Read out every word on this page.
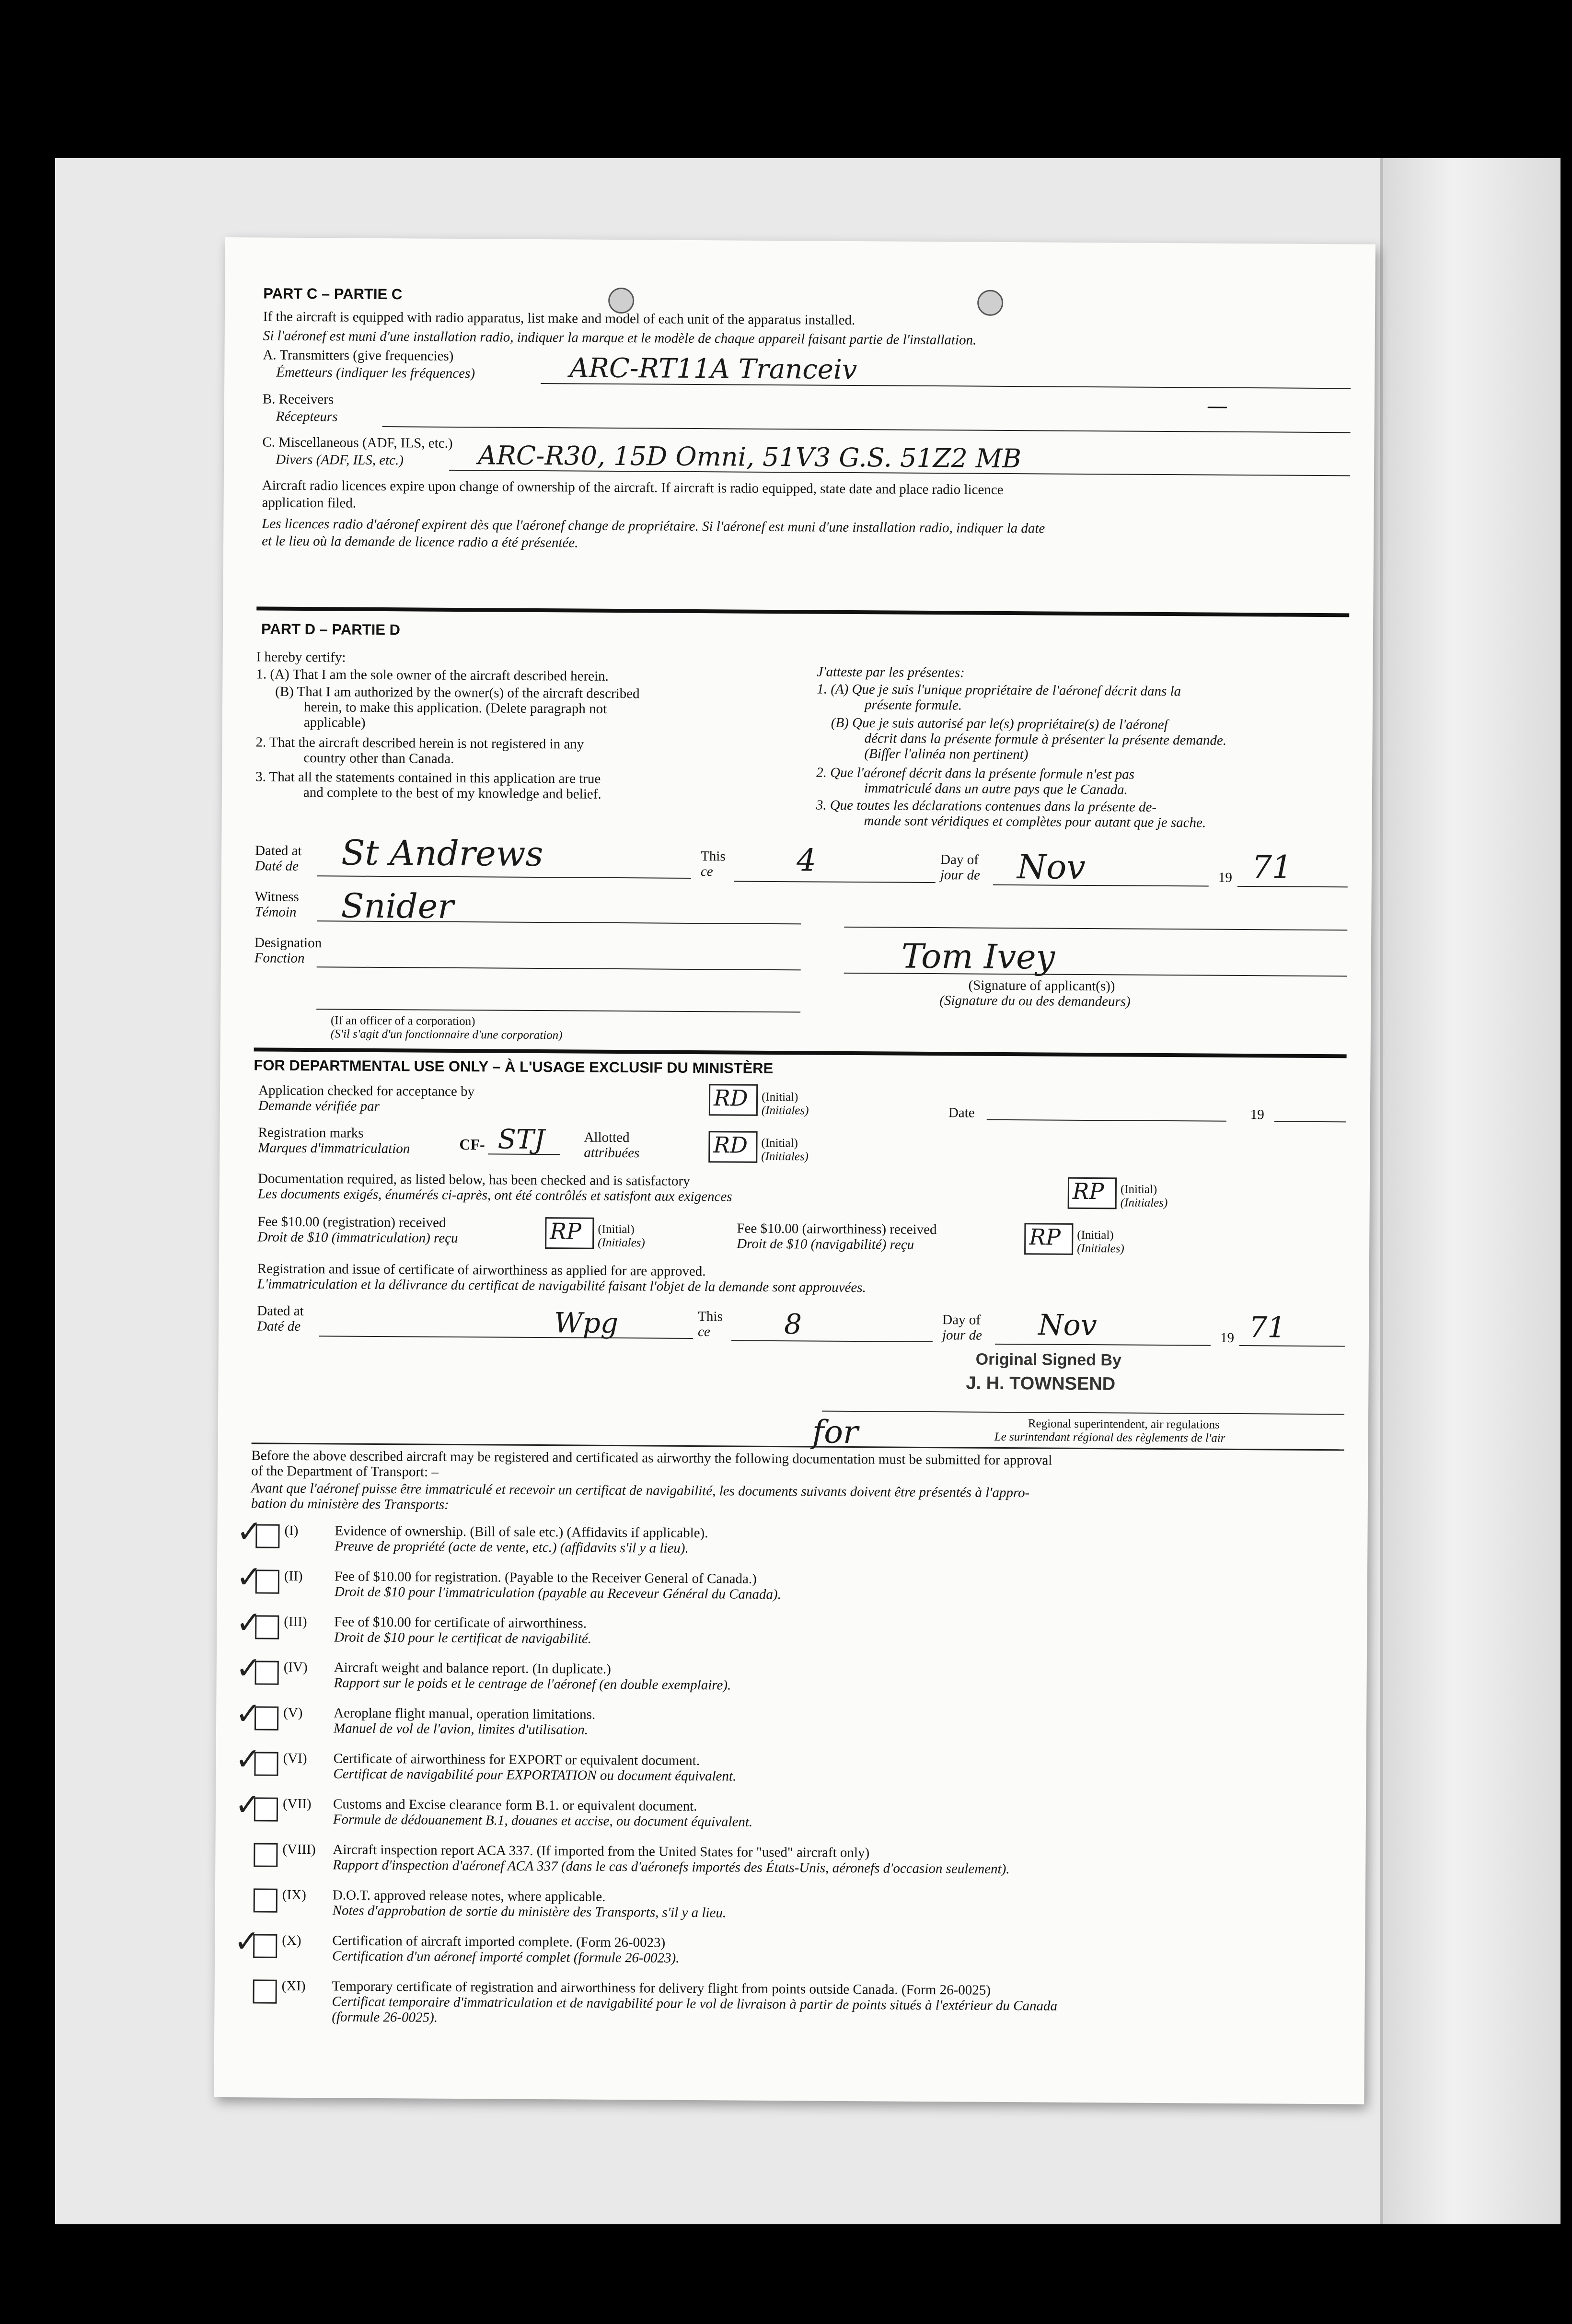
PART C – PARTIE C
If the aircraft is equipped with radio apparatus, list make and model of each unit of the apparatus installed.
Si l'aéronef est muni d'une installation radio, indiquer la marque et le modèle de chaque appareil faisant partie de l'installation.
A. Transmitters (give frequencies)
Émetteurs (indiquer les fréquences)	ARC-RT11A Tranceiv
B. Receivers
Récepteurs	—
C. Miscellaneous (ADF, ILS, etc.)
Divers (ADF, ILS, etc.)	ARC-R30, 15D Omni, 51V3 G.S. 51Z2 MB
Aircraft radio licences expire upon change of ownership of the aircraft. If aircraft is radio equipped, state date and place radio licence
application filed.
Les licences radio d'aéronef expirent dès que l'aéronef change de propriétaire. Si l'aéronef est muni d'une installation radio, indiquer la date
et le lieu où la demande de licence radio a été présentée.
PART D – PARTIE D
I hereby certify:
1. (A) That I am the sole owner of the aircraft described herein.
(B) That I am authorized by the owner(s) of the aircraft described
herein, to make this application. (Delete paragraph not
applicable)
2. That the aircraft described herein is not registered in any
country other than Canada.
3. That all the statements contained in this application are true
and complete to the best of my knowledge and belief.
J'atteste par les présentes:
1. (A) Que je suis l'unique propriétaire de l'aéronef décrit dans la
présente formule.
(B) Que je suis autorisé par le(s) propriétaire(s) de l'aéronef
décrit dans la présente formule à présenter la présente demande.
(Biffer l'alinéa non pertinent)
2. Que l'aéronef décrit dans la présente formule n'est pas
immatriculé dans un autre pays que le Canada.
3. Que toutes les déclarations contenues dans la présente de-
mande sont véridiques et complètes pour autant que je sache.
Dated at
Daté de St Andrews	This
ce	4	Day of
jour de Nov	19 71
Witness
Témoin Snider
Designation
Fonction	Tom Ivey
(Signature of applicant(s))
(Signature du ou des demandeurs)
(If an officer of a corporation)
(S'il s'agit d'un fonctionnaire d'une corporation)
FOR DEPARTMENTAL USE ONLY – À L'USAGE EXCLUSIF DU MINISTÈRE
Application checked for acceptance by
Demande vérifiée par	RD (Initial)
(Initiales)	Date	19
Registration marks
Marques d'immatriculation	CF- STJ	Allotted
attribuées	RD (Initial)
(Initiales)
Documentation required, as listed below, has been checked and is satisfactory
Les documents exigés, énumérés ci-après, ont été contrôlés et satisfont aux exigences	RP (Initial)
(Initiales)
Fee $10.00 (registration) received
Droit de $10 (immatriculation) reçu	RP (Initial)
(Initiales)
Fee $10.00 (airworthiness) received
Droit de $10 (navigabilité) reçu	RP (Initial)
(Initiales)
Registration and issue of certificate of airworthiness as applied for are approved.
L'immatriculation et la délivrance du certificat de navigabilité faisant l'objet de la demande sont approuvées.
Dated at
Daté de	Wpg	This
ce	8	Day of
jour de Nov	19 71
Original Signed By
J. H. TOWNSEND
for	Regional superintendent, air regulations
Le surintendant régional des règlements de l'air
Before the above described aircraft may be registered and certificated as airworthy the following documentation must be submitted for approval
of the Department of Transport: –
Avant que l'aéronef puisse être immatriculé et recevoir un certificat de navigabilité, les documents suivants doivent être présentés à l'appro-
bation du ministère des Transports:
✓ (I)	Evidence of ownership. (Bill of sale etc.) (Affidavits if applicable).
Preuve de propriété (acte de vente, etc.) (affidavits s'il y a lieu).
✓ (II) Fee of $10.00 for registration. (Payable to the Receiver General of Canada.)
Droit de $10 pour l'immatriculation (payable au Receveur Général du Canada).
✓ (III) Fee of $10.00 for certificate of airworthiness.
Droit de $10 pour le certificat de navigabilité.
✓ (IV) Aircraft weight and balance report. (In duplicate.)
Rapport sur le poids et le centrage de l'aéronef (en double exemplaire).
✓ (V) Aeroplane flight manual, operation limitations.
Manuel de vol de l'avion, limites d'utilisation.
✓ (VI) Certificate of airworthiness for EXPORT or equivalent document.
Certificat de navigabilité pour EXPORTATION ou document équivalent.
✓ (VII) Customs and Excise clearance form B.1. or equivalent document.
Formule de dédouanement B.1, douanes et accise, ou document équivalent.
(VIII) Aircraft inspection report ACA 337. (If imported from the United States for "used" aircraft only)
Rapport d'inspection d'aéronef ACA 337 (dans le cas d'aéronefs importés des États-Unis, aéronefs d'occasion seulement).
(IX) D.O.T. approved release notes, where applicable.
Notes d'approbation de sortie du ministère des Transports, s'il y a lieu.
✓ (X) Certification of aircraft imported complete. (Form 26-0023)
Certification d'un aéronef importé complet (formule 26-0023).
(XI) Temporary certificate of registration and airworthiness for delivery flight from points outside Canada. (Form 26-0025)
Certificat temporaire d'immatriculation et de navigabilité pour le vol de livraison à partir de points situés à l'extérieur du Canada
(formule 26-0025).
